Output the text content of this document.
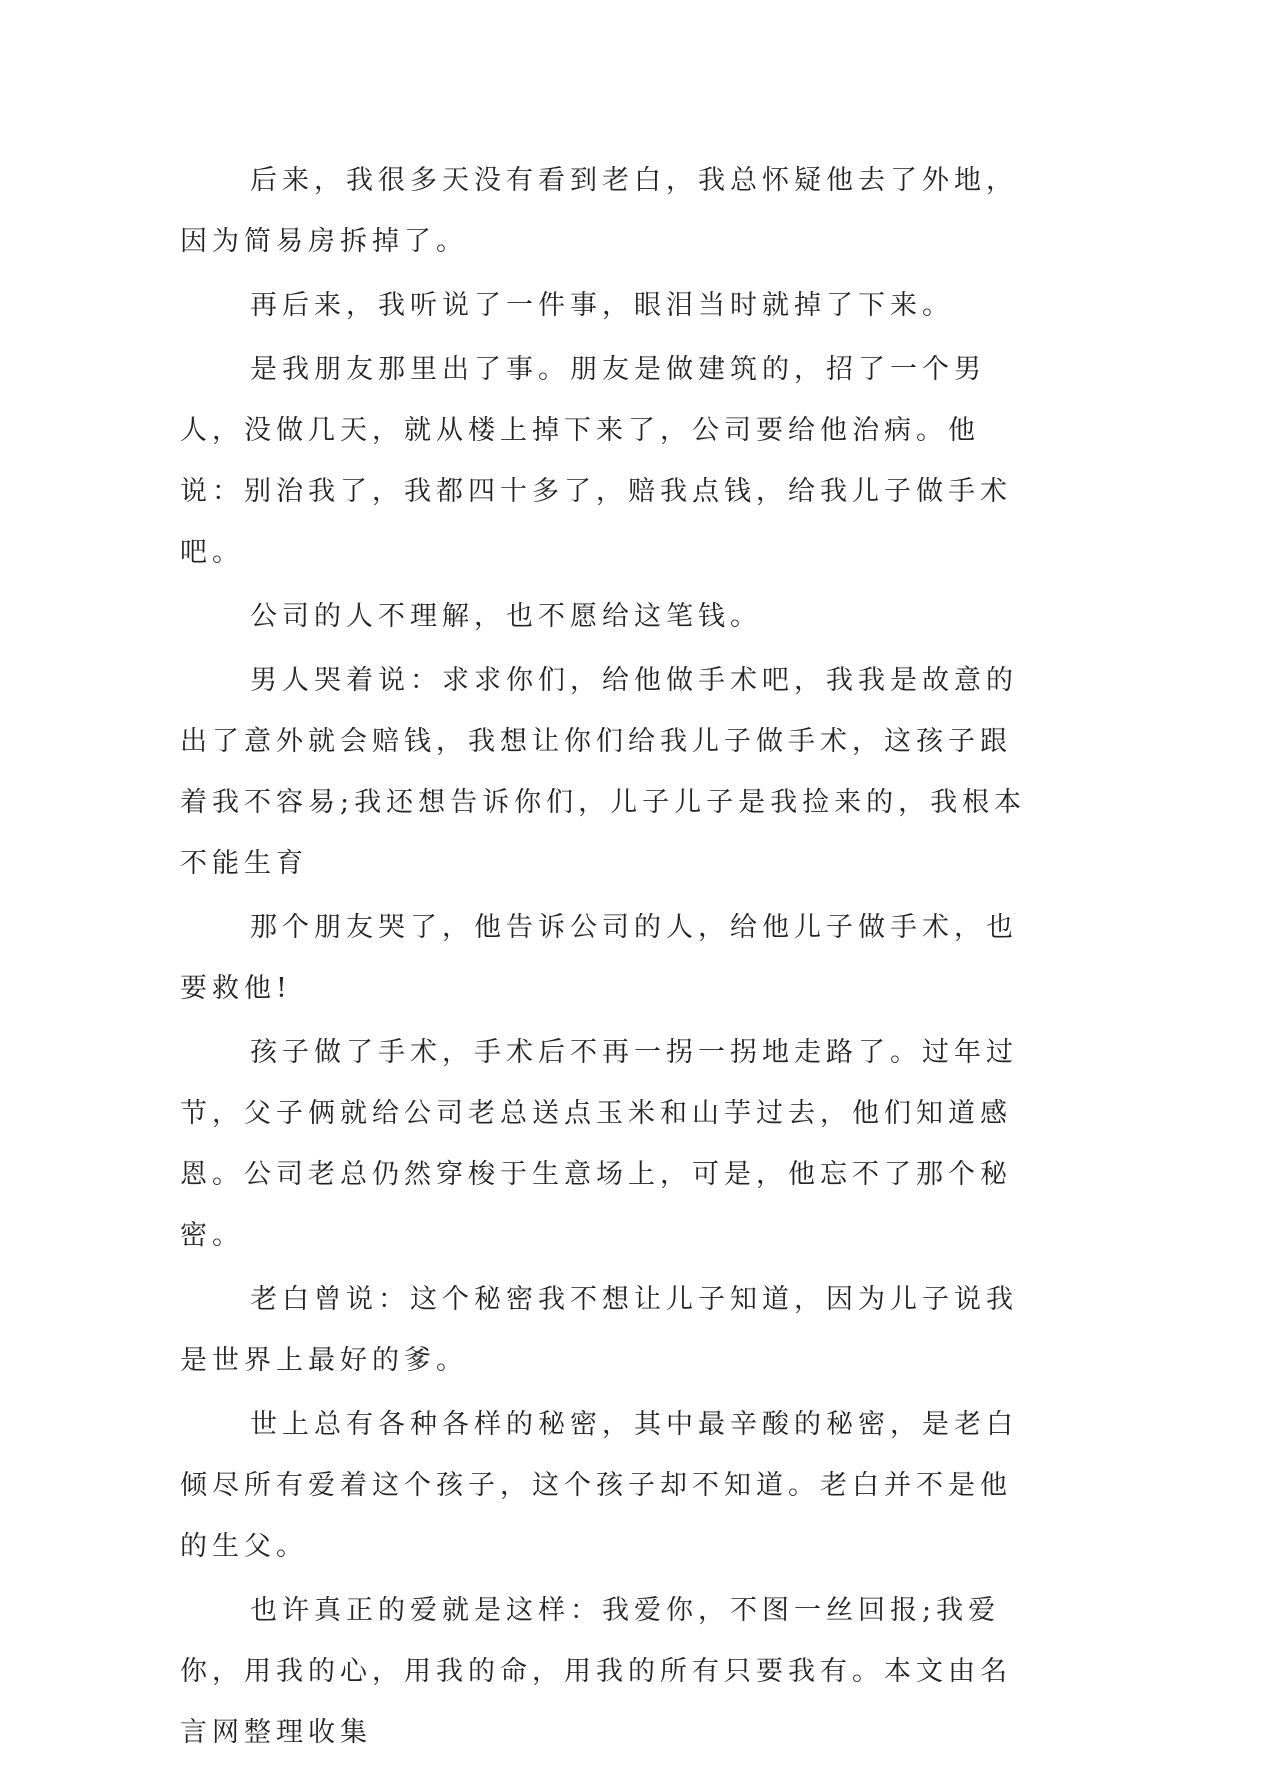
后来，我很多天没有看到老白，我总怀疑他去了外地，因为简易房拆掉了。

再后来，我听说了一件事，眼泪当时就掉了下来。

是我朋友那里出了事。朋友是做建筑的，招了一个男人，没做几天，就从楼上掉下来了，公司要给他治病。他说：别治我了，我都四十多了，赔我点钱，给我儿子做手术吧。

公司的人不理解，也不愿给这笔钱。

男人哭着说：求求你们，给他做手术吧，我我是故意的出了意外就会赔钱，我想让你们给我儿子做手术，这孩子跟着我不容易;我还想告诉你们，儿子儿子是我捡来的，我根本不能生育

那个朋友哭了，他告诉公司的人，给他儿子做手术，也要救他!

孩子做了手术，手术后不再一拐一拐地走路了。过年过节，父子俩就给公司老总送点玉米和山芋过去，他们知道感恩。公司老总仍然穿梭于生意场上，可是，他忘不了那个秘密。

老白曾说：这个秘密我不想让儿子知道，因为儿子说我是世界上最好的爹。

世上总有各种各样的秘密，其中最辛酸的秘密，是老白倾尽所有爱着这个孩子，这个孩子却不知道。老白并不是他的生父。

也许真正的爱就是这样：我爱你，不图一丝回报;我爱你，用我的心，用我的命，用我的所有只要我有。本文由名言网整理收集
